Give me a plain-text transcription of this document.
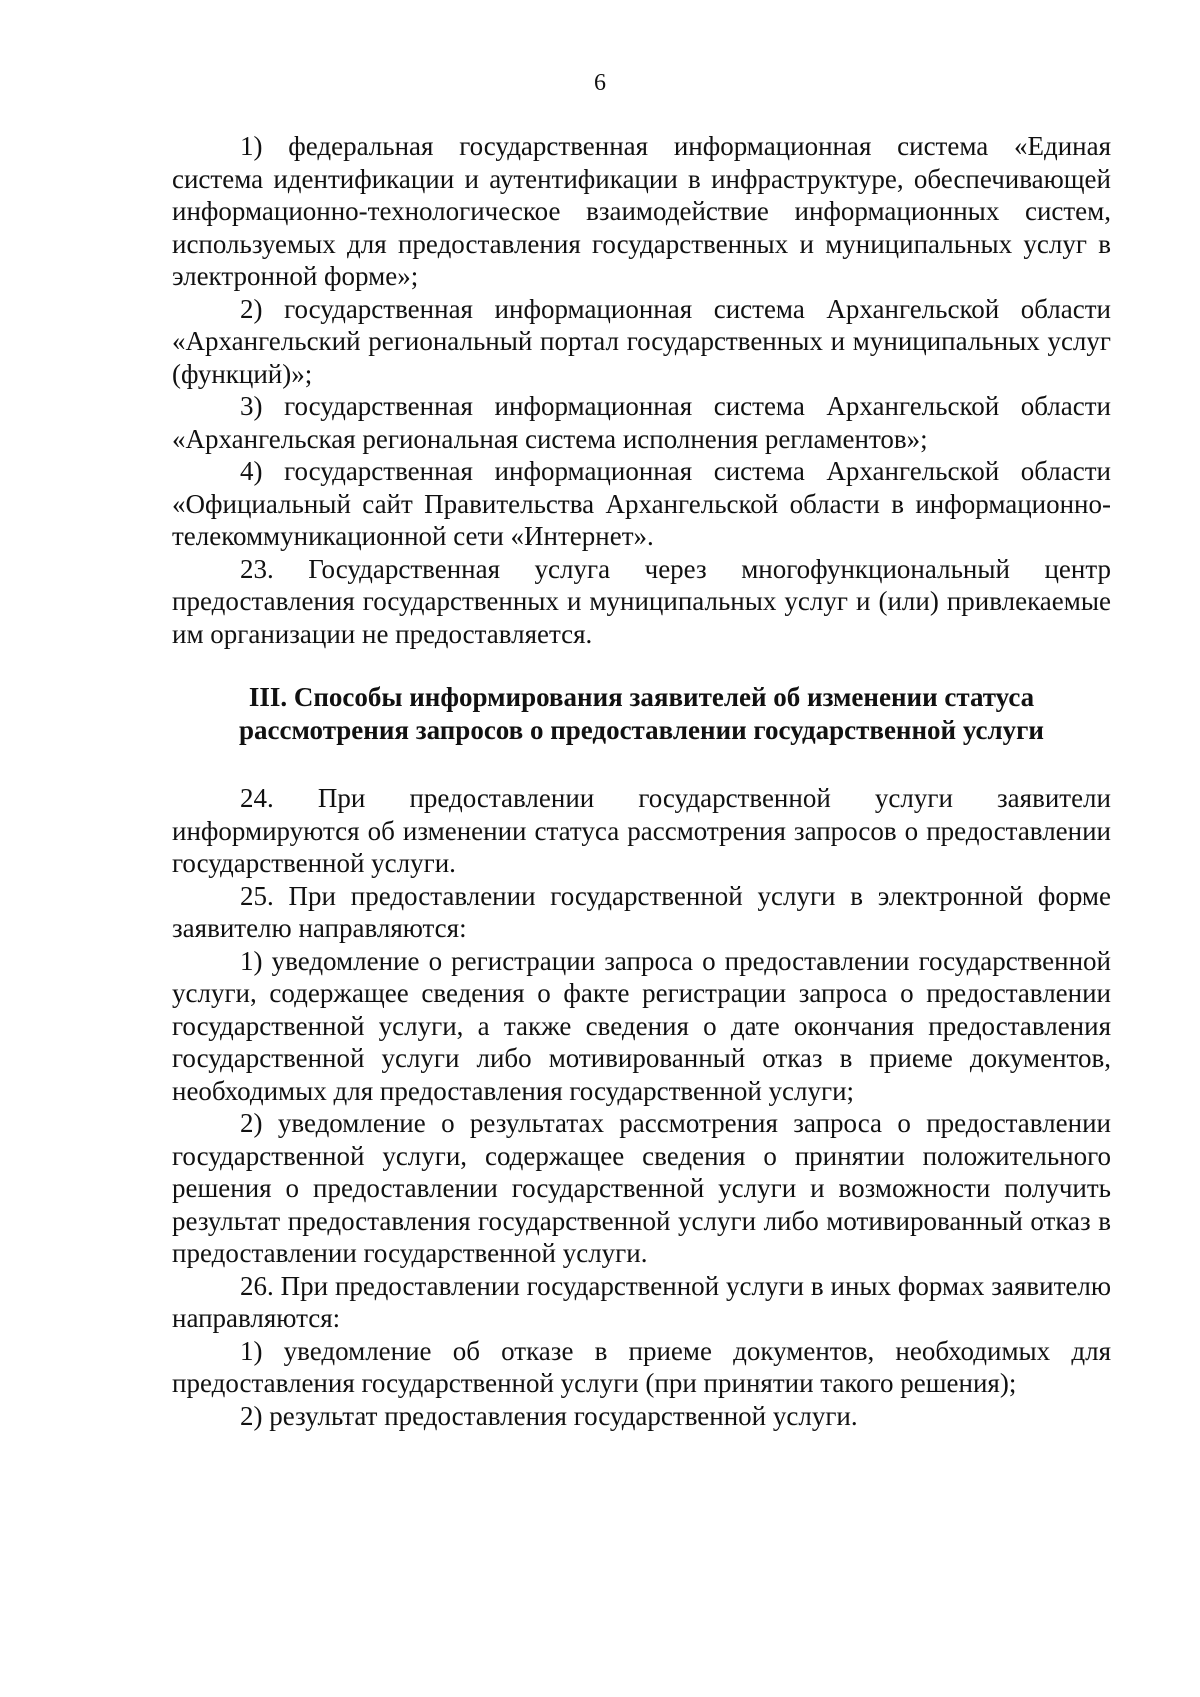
6

1) федеральная государственная информационная система «Единая система идентификации и аутентификации в инфраструктуре, обеспечивающей информационно-технологическое взаимодействие информационных систем, используемых для предоставления государственных и муниципальных услуг в электронной форме»;

2) государственная информационная система Архангельской области «Архангельский региональный портал государственных и муниципальных услуг (функций)»;

3) государственная информационная система Архангельской области «Архангельская региональная система исполнения регламентов»;

4) государственная информационная система Архангельской области «Официальный сайт Правительства Архангельской области в информационно-телекоммуникационной сети «Интернет».

23. Государственная услуга через многофункциональный центр предоставления государственных и муниципальных услуг и (или) привлекаемые им организации не предоставляется.

III. Способы информирования заявителей об изменении статуса
рассмотрения запросов о предоставлении государственной услуги

24. При предоставлении государственной услуги заявители информируются об изменении статуса рассмотрения запросов о предоставлении государственной услуги.

25. При предоставлении государственной услуги в электронной форме заявителю направляются:

1) уведомление о регистрации запроса о предоставлении государственной услуги, содержащее сведения о факте регистрации запроса о предоставлении государственной услуги, а также сведения о дате окончания предоставления государственной услуги либо мотивированный отказ в приеме документов, необходимых для предоставления государственной услуги;

2) уведомление о результатах рассмотрения запроса о предоставлении государственной услуги, содержащее сведения о принятии положительного решения о предоставлении государственной услуги и возможности получить результат предоставления государственной услуги либо мотивированный отказ в предоставлении государственной услуги.

26. При предоставлении государственной услуги в иных формах заявителю направляются:

1) уведомление об отказе в приеме документов, необходимых для предоставления государственной услуги (при принятии такого решения);

2) результат предоставления государственной услуги.
